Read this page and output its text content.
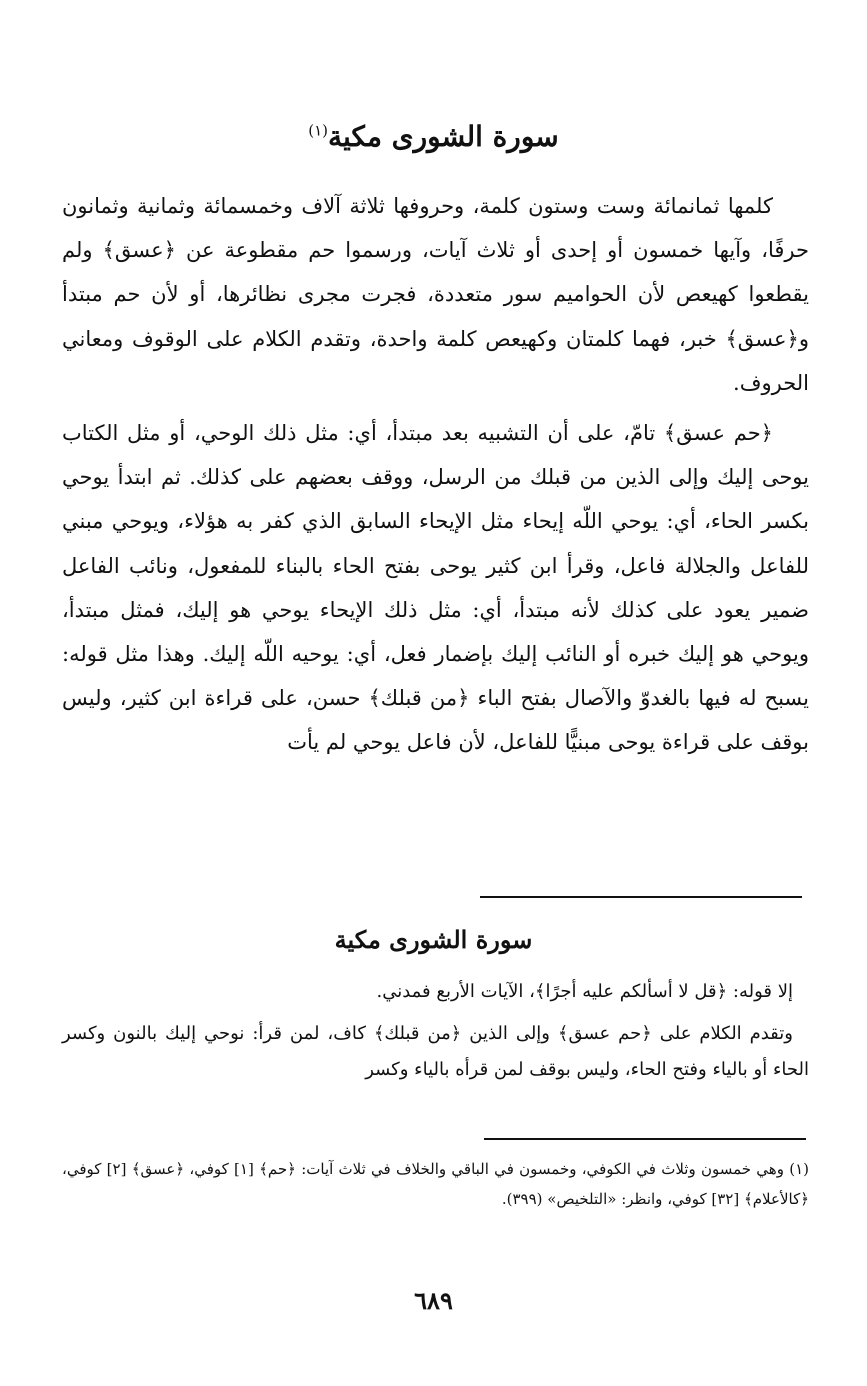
سورة الشورى مكية$^{(١)}$

كلمها ثمانمائة وست وستون كلمة، وحروفها ثلاثة آلاف وخمسمائة وثمانية وثمانون حرفًا، وآيها خمسون أو إحدى أو ثلاث آيات، ورسموا حم مقطوعة عن ﴿عسق﴾ ولم يقطعوا كهيعص لأن الحواميم سور متعددة، فجرت مجرى نظائرها، أو لأن حم مبتدأ و﴿عسق﴾ خبر، فهما كلمتان وكهيعص كلمة واحدة، وتقدم الكلام على الوقوف ومعاني الحروف.

﴿حم عسق﴾ تامّ، على أن التشبيه بعد مبتدأ، أي: مثل ذلك الوحي، أو مثل الكتاب يوحى إليك وإلى الذين من قبلك من الرسل، ووقف بعضهم على كذلك. ثم ابتدأ يوحي بكسر الحاء، أي: يوحي اللّه إيحاء مثل الإيحاء السابق الذي كفر به هؤلاء، ويوحي مبني للفاعل والجلالة فاعل، وقرأ ابن كثير يوحى بفتح الحاء بالبناء للمفعول، ونائب الفاعل ضمير يعود على كذلك لأنه مبتدأ، أي: مثل ذلك الإيحاء يوحي هو إليك، فمثل مبتدأ، ويوحي هو إليك خبره أو النائب إليك بإضمار فعل، أي: يوحيه اللّه إليك. وهذا مثل قوله: يسبح له فيها بالغدوّ والآصال بفتح الباء ﴿من قبلك﴾ حسن، على قراءة ابن كثير، وليس بوقف على قراءة يوحى مبنيًّا للفاعل، لأن فاعل يوحي لم يأت

سورة الشورى مكية

إلا قوله: ﴿قل لا أسألكم عليه أجرًا﴾، الآيات الأربع فمدني.

وتقدم الكلام على ﴿حم عسق﴾ وإلى الذين ﴿من قبلك﴾ كاف، لمن قرأ: نوحي إليك بالنون وكسر الحاء أو بالياء وفتح الحاء، وليس بوقف لمن قرأه بالياء وكسر

(١) وهي خمسون وثلاث في الكوفي، وخمسون في الباقي والخلاف في ثلاث آيات: ﴿حم﴾ [١] كوفي، ﴿عسق﴾ [٢] كوفي، ﴿كالأعلام﴾ [٣٢] كوفي، وانظر: «التلخيص» (٣٩٩).

٦٨٩
